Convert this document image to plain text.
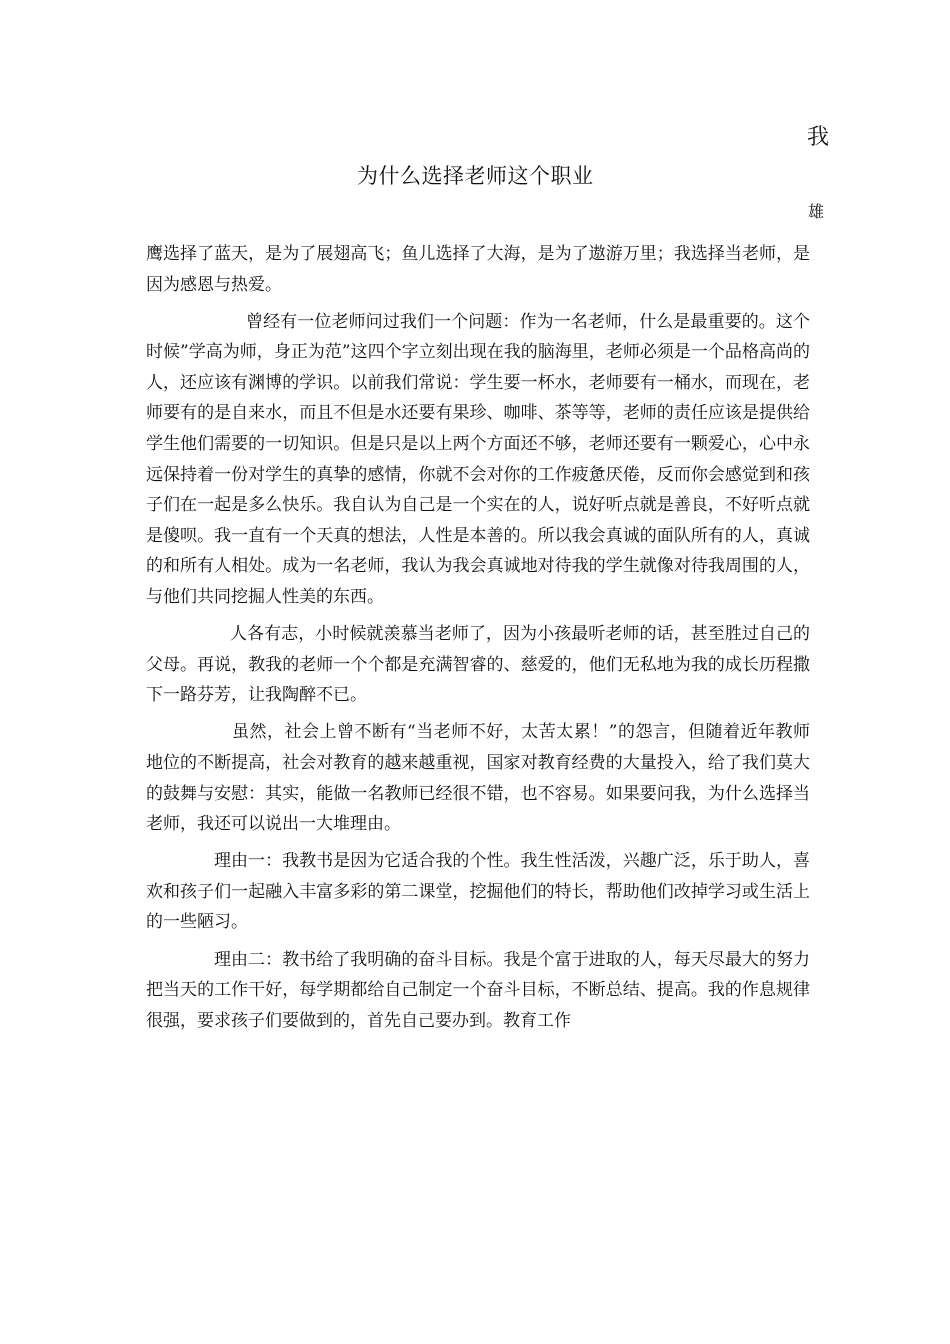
我
为什么选择老师这个职业
雄

鹰选择了蓝天，是为了展翅高飞；鱼儿选择了大海，是为了遨游万里；我选择当老师，是因为感恩与热爱。

曾经有一位老师问过我们一个问题：作为一名老师，什么是最重要的。这个时候”学高为师，身正为范”这四个字立刻出现在我的脑海里，老师必须是一个品格高尚的人，还应该有渊博的学识。以前我们常说：学生要一杯水，老师要有一桶水，而现在，老师要有的是自来水，而且不但是水还要有果珍、咖啡、茶等等，老师的责任应该是提供给学生他们需要的一切知识。但是只是以上两个方面还不够，老师还要有一颗爱心，心中永远保持着一份对学生的真挚的感情，你就不会对你的工作疲惫厌倦，反而你会感觉到和孩子们在一起是多么快乐。我自认为自己是一个实在的人，说好听点就是善良，不好听点就是傻呗。我一直有一个天真的想法，人性是本善的。所以我会真诚的面队所有的人，真诚的和所有人相处。成为一名老师，我认为我会真诚地对待我的学生就像对待我周围的人，与他们共同挖掘人性美的东西。

人各有志，小时候就羡慕当老师了，因为小孩最听老师的话，甚至胜过自己的父母。再说，教我的老师一个个都是充满智睿的、慈爱的，他们无私地为我的成长历程撒下一路芬芳，让我陶醉不已。

虽然，社会上曾不断有“当老师不好，太苦太累！”的怨言，但随着近年教师地位的不断提高，社会对教育的越来越重视，国家对教育经费的大量投入，给了我们莫大的鼓舞与安慰：其实，能做一名教师已经很不错，也不容易。如果要问我，为什么选择当老师，我还可以说出一大堆理由。

理由一：我教书是因为它适合我的个性。我生性活泼，兴趣广泛，乐于助人，喜欢和孩子们一起融入丰富多彩的第二课堂，挖掘他们的特长，帮助他们改掉学习或生活上的一些陋习。

理由二：教书给了我明确的奋斗目标。我是个富于进取的人，每天尽最大的努力把当天的工作干好，每学期都给自己制定一个奋斗目标，不断总结、提高。我的作息规律很强，要求孩子们要做到的，首先自己要办到。教育工作
